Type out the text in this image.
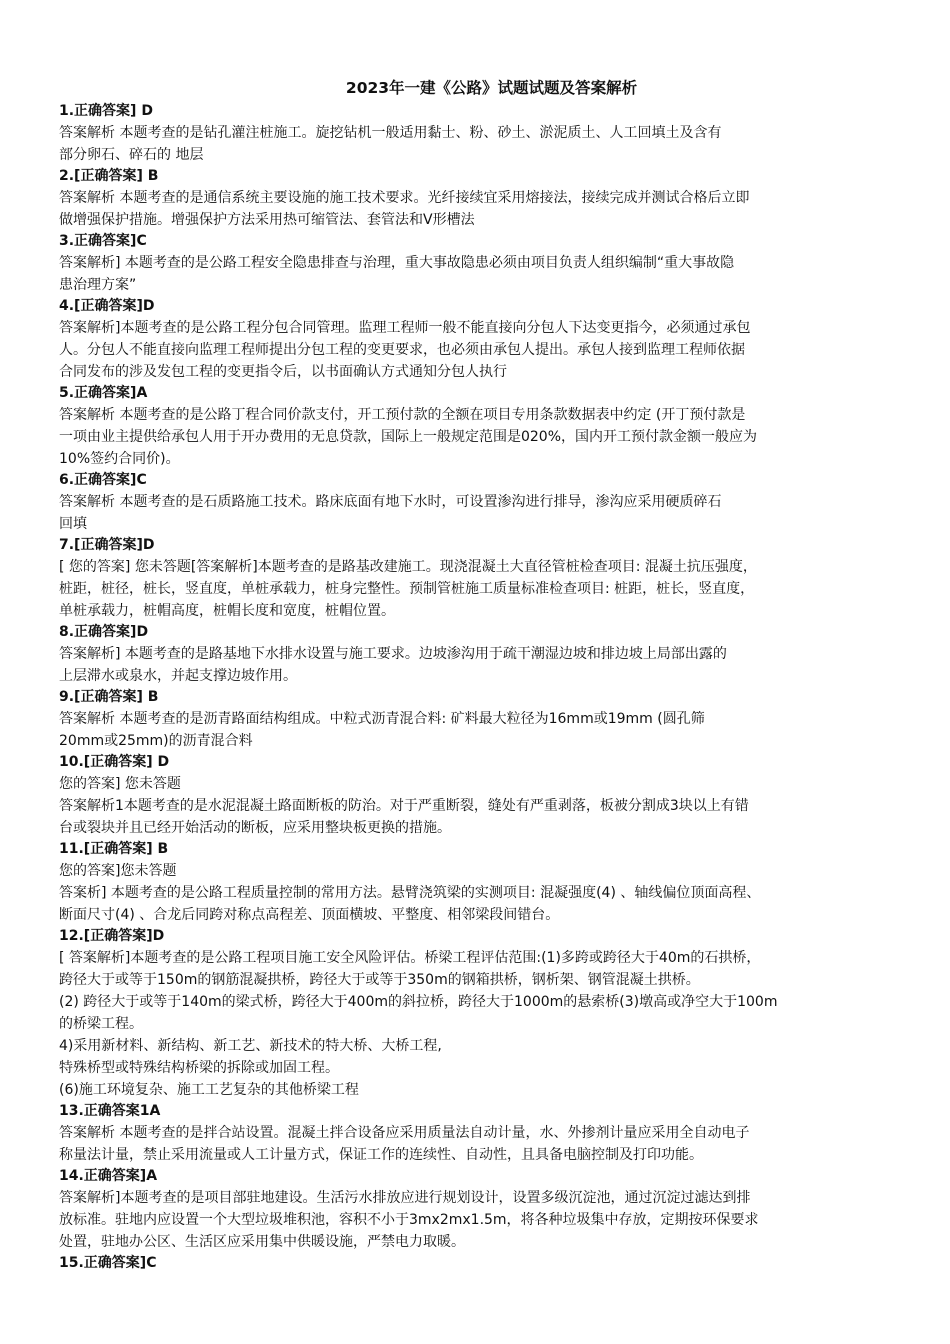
2023年一建《公路》试题试题及答案解析
1.正确答案] D
答案解析 本题考查的是钻孔灌注桩施工。旋挖钻机一般适用黏士、粉、砂土、淤泥质土、人工回填土及含有
部分卵石、碎石的 地层
2.[正确答案] B
答案解析 本题考查的是通信系统主要设施的施工技术要求。光纤接续宜采用熔接法，接续完成并测试合格后立即
做增强保护措施。增强保护方法采用热可缩管法、套管法和V形槽法
3.正确答案]C
答案解析] 本题考查的是公路工程安全隐患排查与治理，重大事故隐患必须由项目负责人组织编制“重大事故隐
患治理方案”
4.[正确答案]D
答案解析]本题考查的是公路工程分包合同管理。监理工程师一般不能直接向分包人下达变更指今，必须通过承包
人。分包人不能直接向监理工程师提出分包工程的变更要求，也必须由承包人提出。承包人接到监理工程师依据
合同发布的涉及发包工程的变更指令后，以书面确认方式通知分包人执行
5.正确答案]A
答案解析 本题考查的是公路丁程合同价款支付，开工预付款的全额在项目专用条款数据表中约定 (开丁预付款是
一项由业主提供给承包人用于开办费用的无息贷款，国际上一般规定范围是020%，国内开工预付款金额一般应为
10%签约合同价)。
6.正确答案]C
答案解析 本题考查的是石质路施工技术。路床底面有地下水时，可设置渗沟进行排导，渗沟应采用硬质碎石
回填
7.[正确答案]D
[ 您的答案] 您未答题[答案解析]本题考查的是路基改建施工。现浇混凝土大直径管桩检查项目: 混凝土抗压强度，
桩距，桩径，桩长，竖直度，单桩承载力，桩身完整性。预制管桩施工质量标准检查项目: 桩距，桩长，竖直度，
单桩承载力，桩帽高度，桩帽长度和宽度，桩帽位置。
8.正确答案]D
答案解析] 本题考查的是路基地下水排水设置与施工要求。边坡渗沟用于疏干潮湿边坡和排边坡上局部出露的
上层滞水或泉水，并起支撑边坡作用。
9.[正确答案] B
答案解析 本题考查的是沥青路面结构组成。中粒式沥青混合料: 矿料最大粒径为16mm或19mm (圆孔筛
20mm或25mm)的沥青混合料
10.[正确答案] D
您的答案] 您未答题
答案解析1本题考查的是水泥混凝土路面断板的防治。对于严重断裂，缝处有严重剥落，板被分割成3块以上有错
台或裂块并且已经开始活动的断板，应采用整块板更换的措施。
11.[正确答案] B
您的答案]您未答题
答案析] 本题考查的是公路工程质量控制的常用方法。悬臂浇筑梁的实测项目: 混凝强度(4) 、轴线偏位顶面高程、
断面尺寸(4) 、合龙后同跨对称点高程差、顶面横坡、平整度、相邻梁段间错台。
12.[正确答案]D
[ 答案解析]本题考查的是公路工程项目施工安全风险评估。桥梁工程评估范围:(1)多跨或跨径大于40m的石拱桥，
跨径大于或等于150m的钢筋混凝拱桥，跨径大于或等于350m的钢箱拱桥，钢析架、钢管混凝土拱桥。
(2) 跨径大于或等于140m的梁式桥，跨径大于400m的斜拉桥，跨径大于1000m的悬索桥(3)墩高或净空大于100m
的桥梁工程。
4)采用新材料、新结构、新工艺、新技术的特大桥、大桥工程,
特殊桥型或特殊结构桥梁的拆除或加固工程。
(6)施工环境复杂、施工工艺复杂的其他桥梁工程
13.正确答案1A
答案解析 本题考查的是拌合站设置。混凝土拌合设备应采用质量法自动计量，水、外掺剂计量应采用全自动电子
称量法计量，禁止采用流量或人工计量方式，保证工作的连续性、自动性，且具备电脑控制及打印功能。
14.正确答案]A
答案解析]本题考查的是项目部驻地建设。生活污水排放应进行规划设计，设置多级沉淀池，通过沉淀过滤达到排
放标准。驻地内应设置一个大型垃圾堆积池，容积不小于3mx2mx1.5m，将各种垃圾集中存放，定期按环保要求
处置，驻地办公区、生活区应采用集中供暖设施，严禁电力取暖。
15.正确答案]C
